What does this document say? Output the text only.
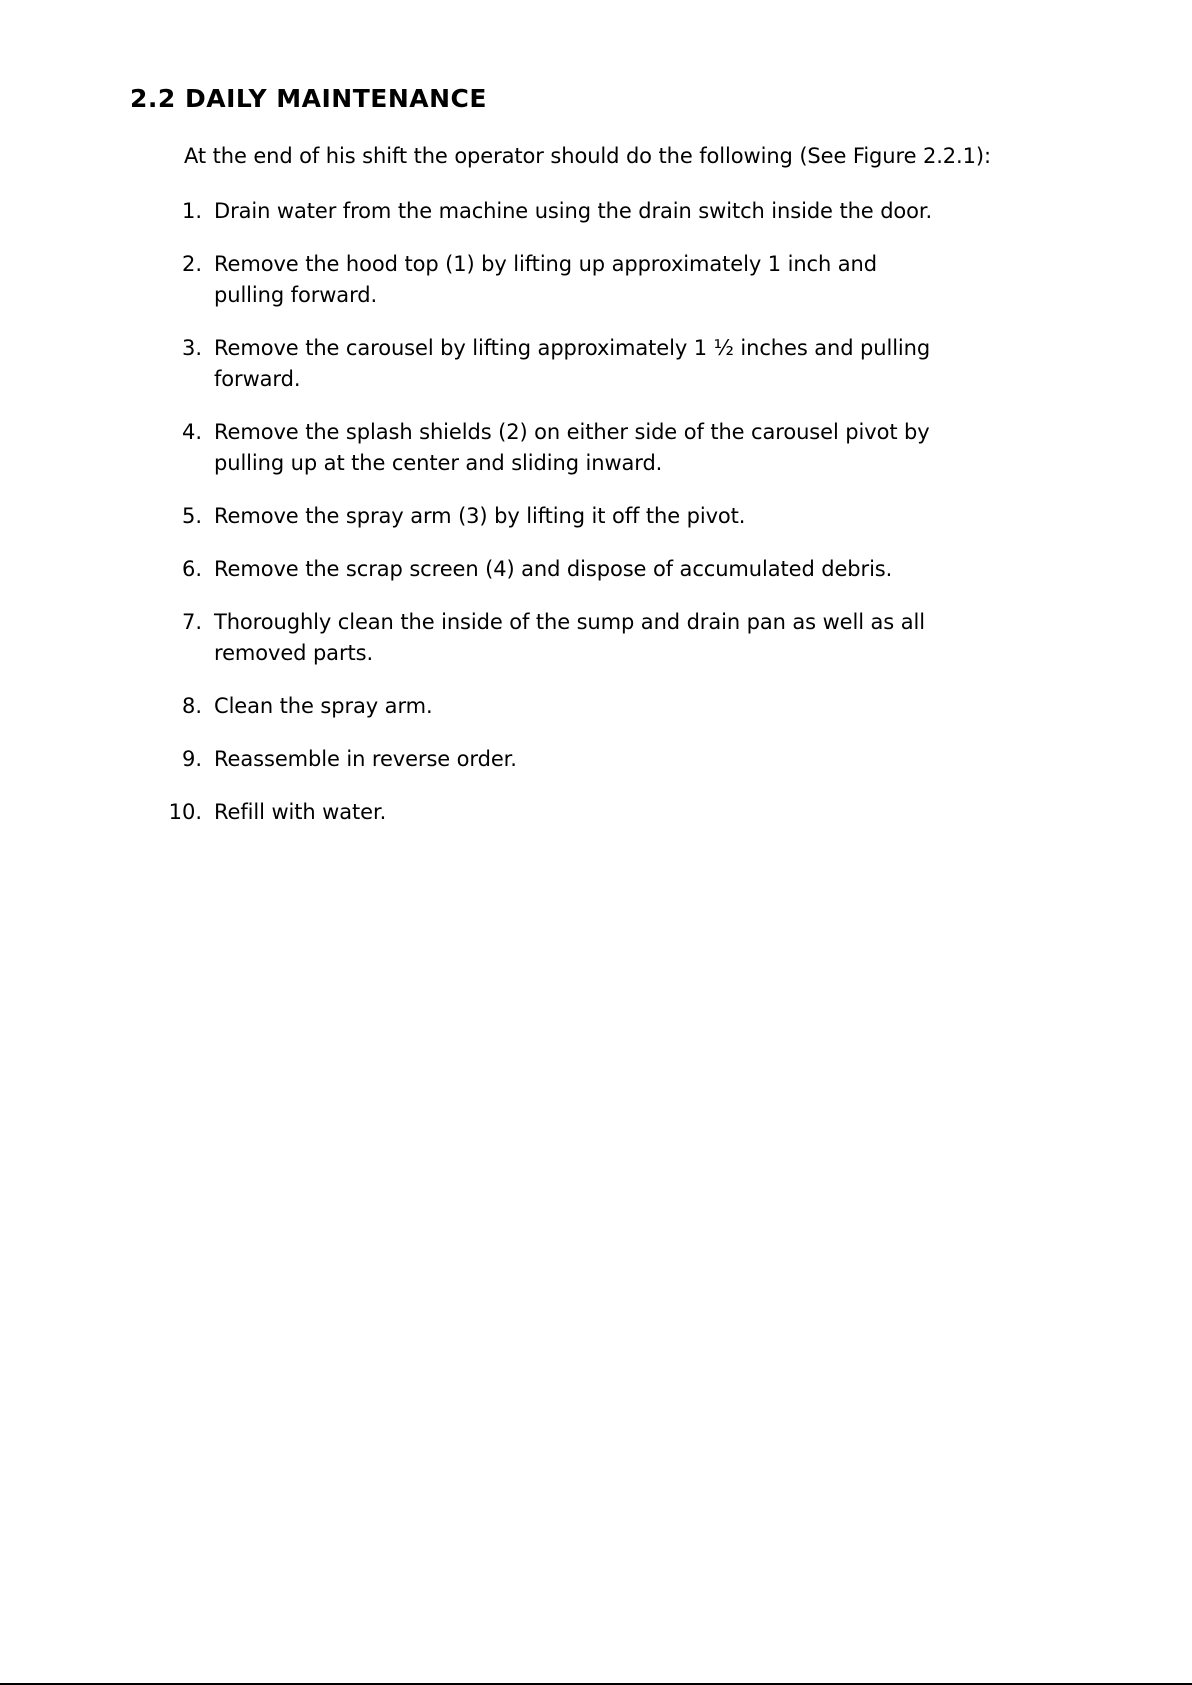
2.2 DAILY MAINTENANCE

At the end of his shift the operator should do the following (See Figure 2.2.1):

1. Drain water from the machine using the drain switch inside the door.
2. Remove the hood top (1) by lifting up approximately 1 inch and pulling forward.
3. Remove the carousel by lifting approximately 1 ½ inches and pulling forward.
4. Remove the splash shields (2) on either side of the carousel pivot by pulling up at the center and sliding inward.
5. Remove the spray arm (3) by lifting it off the pivot.
6. Remove the scrap screen (4) and dispose of accumulated debris.
7. Thoroughly clean the inside of the sump and drain pan as well as all removed parts.
8. Clean the spray arm.
9. Reassemble in reverse order.
10. Refill with water.
